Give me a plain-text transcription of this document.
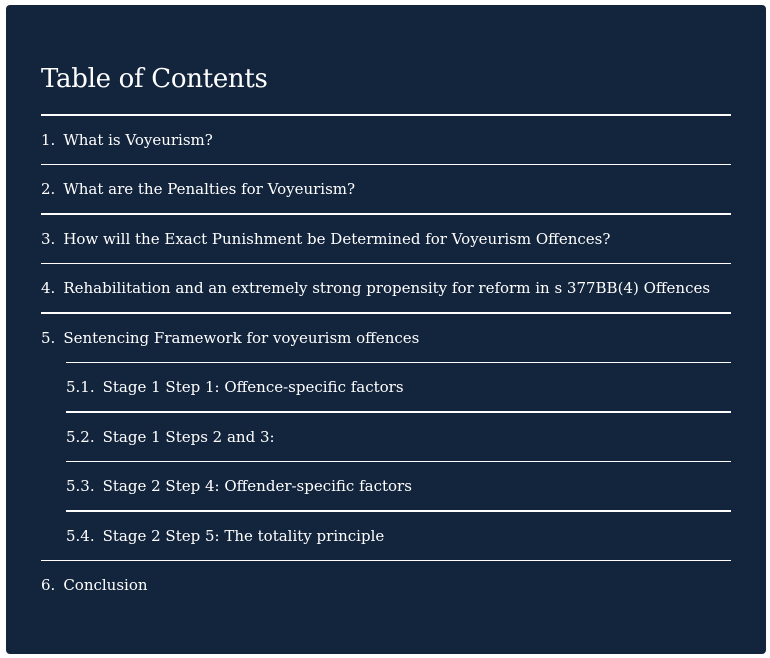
Table of Contents
1. What is Voyeurism?
2. What are the Penalties for Voyeurism?
3. How will the Exact Punishment be Determined for Voyeurism Offences?
4. Rehabilitation and an extremely strong propensity for reform in s 377BB(4) Offences
5. Sentencing Framework for voyeurism offences
5.1. Stage 1 Step 1: Offence-specific factors
5.2. Stage 1 Steps 2 and 3:
5.3. Stage 2 Step 4: Offender-specific factors
5.4. Stage 2 Step 5: The totality principle
6. Conclusion
